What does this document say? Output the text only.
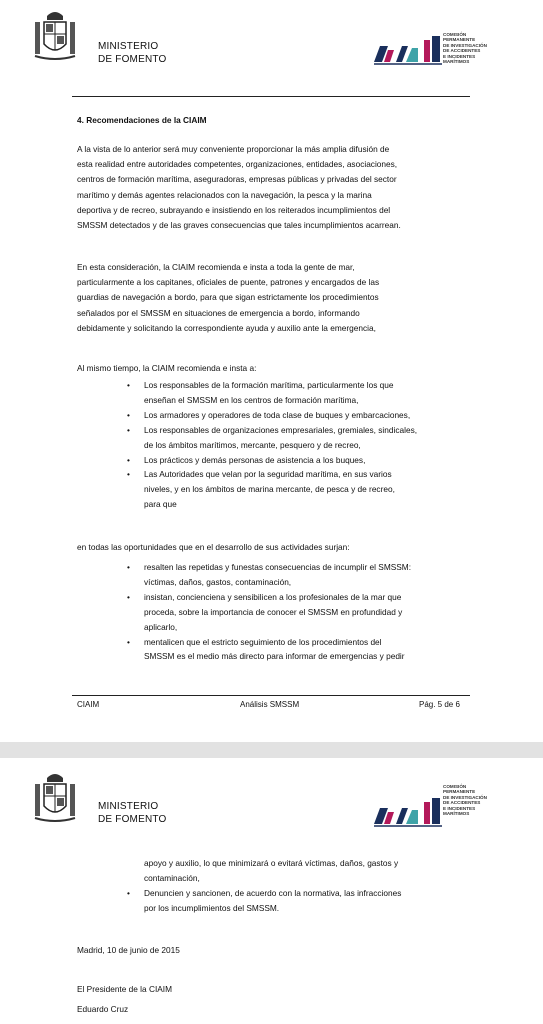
MINISTERIO
DE FOMENTO
COMISIÓN
PERMANENTE
DE INVESTIGACIÓN
DE ACCIDENTES
E INCIDENTES
MARÍTIMOS
4. Recomendaciones de la CIAIM
A la vista de lo anterior será muy conveniente proporcionar la más amplia difusión de
esta realidad entre autoridades competentes, organizaciones, entidades, asociaciones,
centros de formación marítima, aseguradoras, empresas públicas y privadas del sector
marítimo y demás agentes relacionados con la navegación, la pesca y la marina
deportiva y de recreo, subrayando e insistiendo en los reiterados incumplimientos del
SMSSM detectados y de las graves consecuencias que tales incumplimientos acarrean.
En esta consideración, la CIAIM recomienda e insta a toda la gente de mar,
particularmente a los capitanes, oficiales de puente, patrones y encargados de las
guardias de navegación a bordo, para que sigan estrictamente los procedimientos
señalados por el SMSSM en situaciones de emergencia a bordo, informando
debidamente y solicitando la correspondiente ayuda y auxilio ante la emergencia,
Al mismo tiempo, la CIAIM recomienda e insta a:
• Los responsables de la formación marítima, particularmente los que
enseñan el SMSSM en los centros de formación marítima,
• Los armadores y operadores de toda clase de buques y embarcaciones,
• Los responsables de organizaciones empresariales, gremiales, sindicales,
de los ámbitos marítimos, mercante, pesquero y de recreo,
• Los prácticos y demás personas de asistencia a los buques,
• Las Autoridades que velan por la seguridad marítima, en sus varios
niveles, y en los ámbitos de marina mercante, de pesca y de recreo,
para que
en todas las oportunidades que en el desarrollo de sus actividades surjan:
• resalten las repetidas y funestas consecuencias de incumplir el SMSSM:
víctimas, daños, gastos, contaminación,
• insistan, concienciena y sensibilicen a los profesionales de la mar que
proceda, sobre la importancia de conocer el SMSSM en profundidad y
aplicarlo,
• mentalicen que el estricto seguimiento de los procedimientos del
SMSSM es el medio más directo para informar de emergencias y pedir
CIAIM	Análisis SMSSM	Pág. 5 de 6
MINISTERIO
DE FOMENTO
COMISIÓN
PERMANENTE
DE INVESTIGACIÓN
DE ACCIDENTES
E INCIDENTES
MARÍTIMOS
apoyo y auxilio, lo que minimizará o evitará víctimas, daños, gastos y
contaminación,
• Denuncien y sancionen, de acuerdo con la normativa, las infracciones
por los incumplimientos del SMSSM.
Madrid, 10 de junio de 2015
El Presidente de la CIAIM
Eduardo Cruz
